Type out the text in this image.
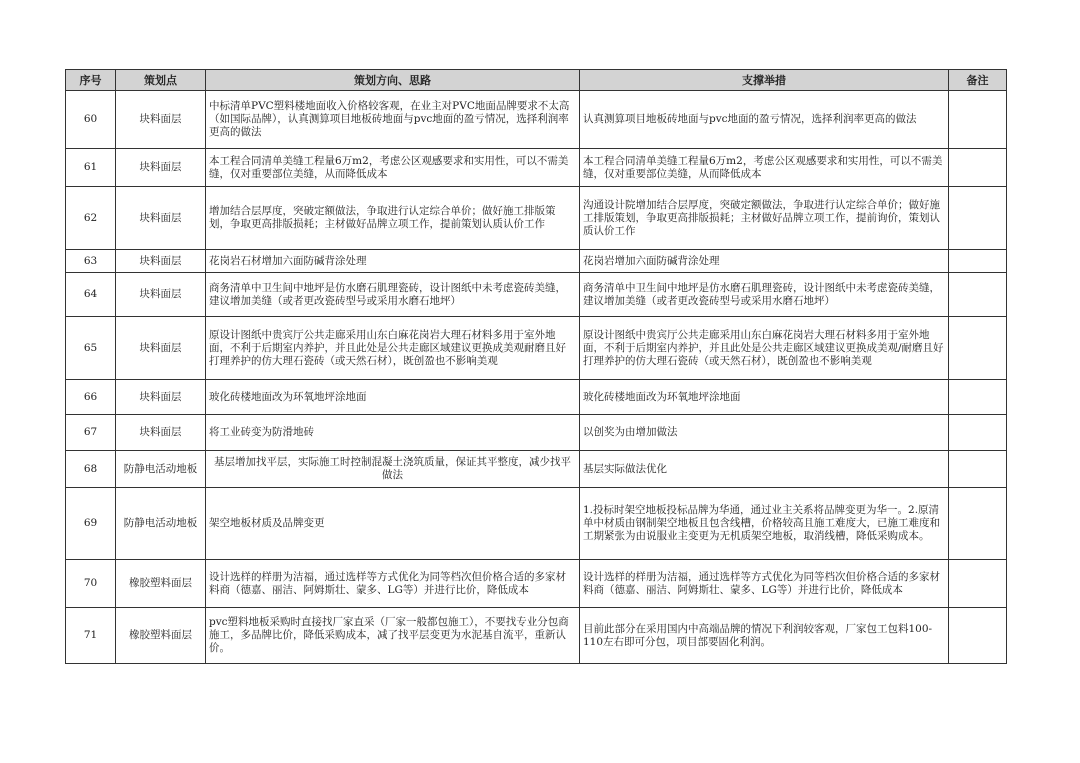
序号	策划点	策划方向、思路	支撑举措	备注
60	块料面层	中标清单PVC塑料楼地面收入价格较客观，在业主对PVC地面品牌要求不太高（如国际品牌），认真测算项目地板砖地面与pvc地面的盈亏情况，选择利润率更高的做法	认真测算项目地板砖地面与pvc地面的盈亏情况，选择利润率更高的做法	
61	块料面层	本工程合同清单美缝工程量6万m2，考虑公区观感要求和实用性，可以不需美缝，仅对重要部位美缝，从而降低成本	本工程合同清单美缝工程量6万m2，考虑公区观感要求和实用性，可以不需美缝，仅对重要部位美缝，从而降低成本	
62	块料面层	增加结合层厚度，突破定额做法，争取进行认定综合单价；做好施工排版策划，争取更高排版损耗；主材做好品牌立项工作，提前策划认质认价工作	沟通设计院增加结合层厚度，突破定额做法，争取进行认定综合单价；做好施工排版策划，争取更高排版损耗；主材做好品牌立项工作，提前询价，策划认质认价工作	
63	块料面层	花岗岩石材增加六面防碱背涂处理	花岗岩增加六面防碱背涂处理	
64	块料面层	商务清单中卫生间中地坪是仿水磨石肌理瓷砖，设计图纸中未考虑瓷砖美缝，建议增加美缝（或者更改瓷砖型号或采用水磨石地坪）	商务清单中卫生间中地坪是仿水磨石肌理瓷砖，设计图纸中未考虑瓷砖美缝，建议增加美缝（或者更改瓷砖型号或采用水磨石地坪）	
65	块料面层	原设计图纸中贵宾厅公共走廊采用山东白麻花岗岩大理石材料多用于室外地面，不利于后期室内养护，并且此处是公共走廊区域建议更换成美观耐磨且好打理养护的仿大理石瓷砖（或天然石材），既创盈也不影响美观	原设计图纸中贵宾厅公共走廊采用山东白麻花岗岩大理石材料多用于室外地面，不利于后期室内养护，并且此处是公共走廊区域建议更换成美观/耐磨且好打理养护的仿大理石瓷砖（或天然石材），既创盈也不影响美观	
66	块料面层	玻化砖楼地面改为环氧地坪涂地面	玻化砖楼地面改为环氧地坪涂地面	
67	块料面层	将工业砖变为防滑地砖	以创奖为由增加做法	
68	防静电活动地板	基层增加找平层，实际施工时控制混凝土浇筑质量，保证其平整度，减少找平做法	基层实际做法优化	
69	防静电活动地板	架空地板材质及品牌变更	1.投标时架空地板投标品牌为华通，通过业主关系将品牌变更为华一。2.原清单中材质由钢制架空地板且包含线槽，价格较高且施工难度大，已施工难度和工期紧张为由说服业主变更为无机质架空地板，取消线槽，降低采购成本。	
70	橡胶塑料面层	设计选样的样册为洁福，通过选样等方式优化为同等档次但价格合适的多家材料商（德嘉、丽洁、阿姆斯壮、蒙多、LG等）并进行比价，降低成本	设计选样的样册为洁福，通过选样等方式优化为同等档次但价格合适的多家材料商（德嘉、丽洁、阿姆斯壮、蒙多、LG等）并进行比价，降低成本	
71	橡胶塑料面层	pvc塑料地板采购时直接找厂家直采（厂家一般都包施工），不要找专业分包商施工，多品牌比价，降低采购成本，减了找平层变更为水泥基自流平，重新认价。	目前此部分在采用国内中高端品牌的情况下利润较客观，厂家包工包料100-110左右即可分包，项目部要固化利润。	
